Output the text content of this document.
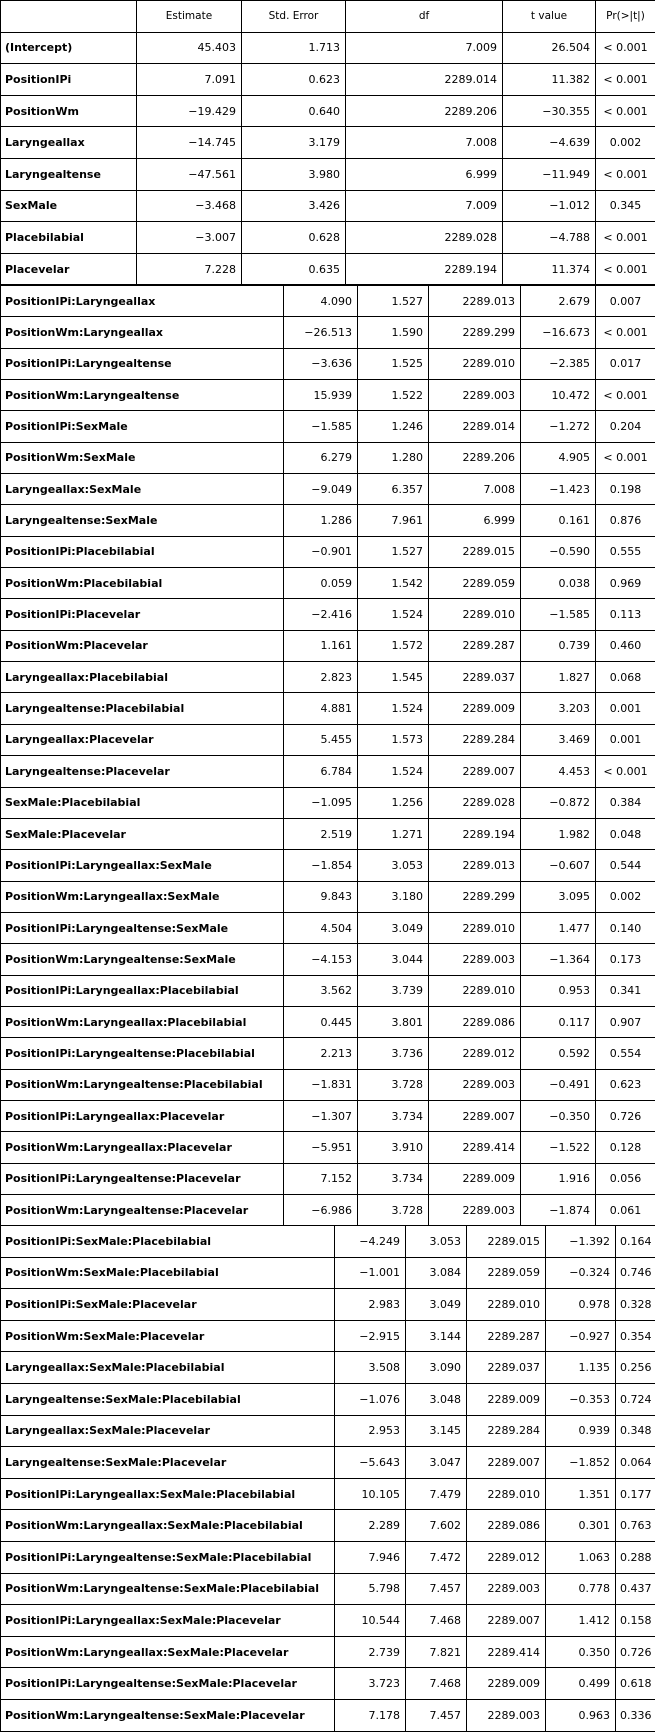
	Estimate	Std. Error	df	t value	Pr(>|t|)
(Intercept)	45.403	1.713	7.009	26.504	< 0.001
PositionIPi	7.091	0.623	2289.014	11.382	< 0.001
PositionWm	−19.429	0.640	2289.206	−30.355	< 0.001
Laryngeallax	−14.745	3.179	7.008	−4.639	0.002
Laryngealtense	−47.561	3.980	6.999	−11.949	< 0.001
SexMale	−3.468	3.426	7.009	−1.012	0.345
Placebilabial	−3.007	0.628	2289.028	−4.788	< 0.001
Placevelar	7.228	0.635	2289.194	11.374	< 0.001
PositionIPi:Laryngeallax	4.090	1.527	2289.013	2.679	0.007
PositionWm:Laryngeallax	−26.513	1.590	2289.299	−16.673	< 0.001
PositionIPi:Laryngealtense	−3.636	1.525	2289.010	−2.385	0.017
PositionWm:Laryngealtense	15.939	1.522	2289.003	10.472	< 0.001
PositionIPi:SexMale	−1.585	1.246	2289.014	−1.272	0.204
PositionWm:SexMale	6.279	1.280	2289.206	4.905	< 0.001
Laryngeallax:SexMale	−9.049	6.357	7.008	−1.423	0.198
Laryngealtense:SexMale	1.286	7.961	6.999	0.161	0.876
PositionIPi:Placebilabial	−0.901	1.527	2289.015	−0.590	0.555
PositionWm:Placebilabial	0.059	1.542	2289.059	0.038	0.969
PositionIPi:Placevelar	−2.416	1.524	2289.010	−1.585	0.113
PositionWm:Placevelar	1.161	1.572	2289.287	0.739	0.460
Laryngeallax:Placebilabial	2.823	1.545	2289.037	1.827	0.068
Laryngealtense:Placebilabial	4.881	1.524	2289.009	3.203	0.001
Laryngeallax:Placevelar	5.455	1.573	2289.284	3.469	0.001
Laryngealtense:Placevelar	6.784	1.524	2289.007	4.453	< 0.001
SexMale:Placebilabial	−1.095	1.256	2289.028	−0.872	0.384
SexMale:Placevelar	2.519	1.271	2289.194	1.982	0.048
PositionIPi:Laryngeallax:SexMale	−1.854	3.053	2289.013	−0.607	0.544
PositionWm:Laryngeallax:SexMale	9.843	3.180	2289.299	3.095	0.002
PositionIPi:Laryngealtense:SexMale	4.504	3.049	2289.010	1.477	0.140
PositionWm:Laryngealtense:SexMale	−4.153	3.044	2289.003	−1.364	0.173
PositionIPi:Laryngeallax:Placebilabial	3.562	3.739	2289.010	0.953	0.341
PositionWm:Laryngeallax:Placebilabial	0.445	3.801	2289.086	0.117	0.907
PositionIPi:Laryngealtense:Placebilabial	2.213	3.736	2289.012	0.592	0.554
PositionWm:Laryngealtense:Placebilabial	−1.831	3.728	2289.003	−0.491	0.623
PositionIPi:Laryngeallax:Placevelar	−1.307	3.734	2289.007	−0.350	0.726
PositionWm:Laryngeallax:Placevelar	−5.951	3.910	2289.414	−1.522	0.128
PositionIPi:Laryngealtense:Placevelar	7.152	3.734	2289.009	1.916	0.056
PositionWm:Laryngealtense:Placevelar	−6.986	3.728	2289.003	−1.874	0.061
PositionIPi:SexMale:Placebilabial	−4.249	3.053	2289.015	−1.392	0.164
PositionWm:SexMale:Placebilabial	−1.001	3.084	2289.059	−0.324	0.746
PositionIPi:SexMale:Placevelar	2.983	3.049	2289.010	0.978	0.328
PositionWm:SexMale:Placevelar	−2.915	3.144	2289.287	−0.927	0.354
Laryngeallax:SexMale:Placebilabial	3.508	3.090	2289.037	1.135	0.256
Laryngealtense:SexMale:Placebilabial	−1.076	3.048	2289.009	−0.353	0.724
Laryngeallax:SexMale:Placevelar	2.953	3.145	2289.284	0.939	0.348
Laryngealtense:SexMale:Placevelar	−5.643	3.047	2289.007	−1.852	0.064
PositionIPi:Laryngeallax:SexMale:Placebilabial	10.105	7.479	2289.010	1.351	0.177
PositionWm:Laryngeallax:SexMale:Placebilabial	2.289	7.602	2289.086	0.301	0.763
PositionIPi:Laryngealtense:SexMale:Placebilabial	7.946	7.472	2289.012	1.063	0.288
PositionWm:Laryngealtense:SexMale:Placebilabial	5.798	7.457	2289.003	0.778	0.437
PositionIPi:Laryngeallax:SexMale:Placevelar	10.544	7.468	2289.007	1.412	0.158
PositionWm:Laryngeallax:SexMale:Placevelar	2.739	7.821	2289.414	0.350	0.726
PositionIPi:Laryngealtense:SexMale:Placevelar	3.723	7.468	2289.009	0.499	0.618
PositionWm:Laryngealtense:SexMale:Placevelar	7.178	7.457	2289.003	0.963	0.336
